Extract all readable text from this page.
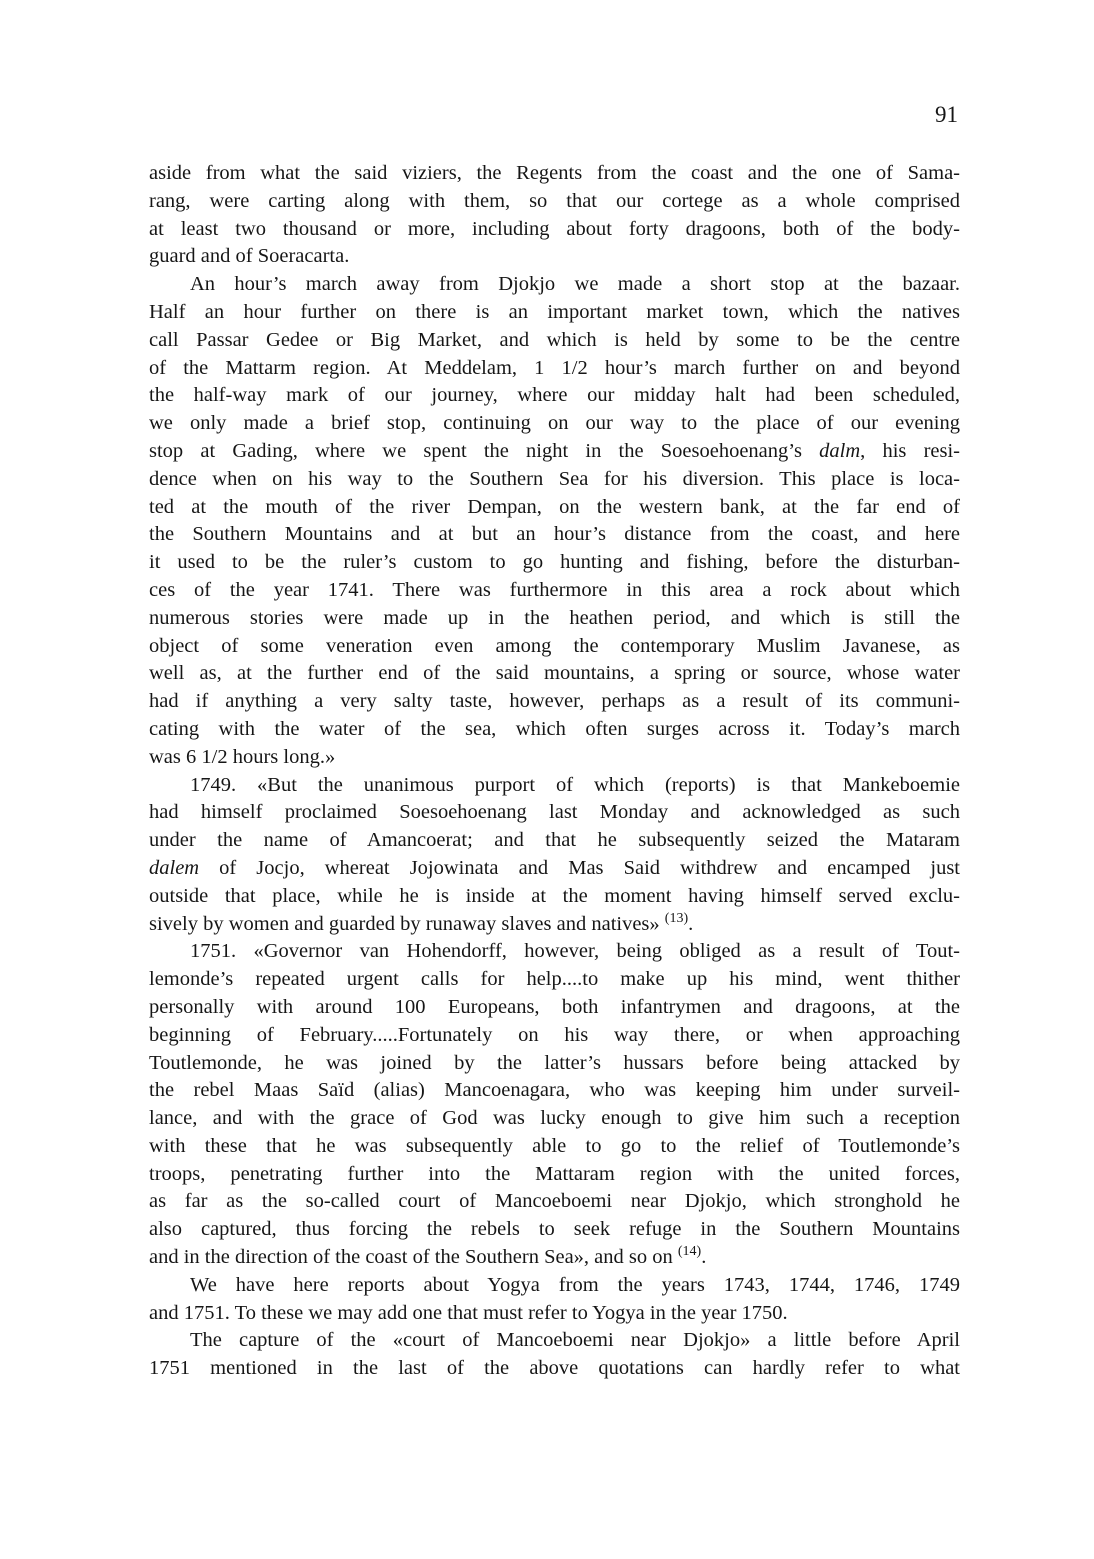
91
aside from what the said viziers, the Regents from the coast and the one of Sama-
rang, were carting along with them, so that our cortege as a whole comprised
at least two thousand or more, including about forty dragoons, both of the body-
guard and of Soeracarta.
An hour’s march away from Djokjo we made a short stop at the bazaar.
Half an hour further on there is an important market town, which the natives
call Passar Gedee or Big Market, and which is held by some to be the centre
of the Mattarm region. At Meddelam, 1 1/2 hour’s march further on and beyond
the half-way mark of our journey, where our midday halt had been scheduled,
we only made a brief stop, continuing on our way to the place of our evening
stop at Gading, where we spent the night in the Soesoehoenang’s dalm, his resi-
dence when on his way to the Southern Sea for his diversion. This place is loca-
ted at the mouth of the river Dempan, on the western bank, at the far end of
the Southern Mountains and at but an hour’s distance from the coast, and here
it used to be the ruler’s custom to go hunting and fishing, before the disturban-
ces of the year 1741. There was furthermore in this area a rock about which
numerous stories were made up in the heathen period, and which is still the
object of some veneration even among the contemporary Muslim Javanese, as
well as, at the further end of the said mountains, a spring or source, whose water
had if anything a very salty taste, however, perhaps as a result of its communi-
cating with the water of the sea, which often surges across it. Today’s march
was 6 1/2 hours long.»
1749. «But the unanimous purport of which (reports) is that Mankeboemie
had himself proclaimed Soesoehoenang last Monday and acknowledged as such
under the name of Amancoerat; and that he subsequently seized the Mataram
dalem of Jocjo, whereat Jojowinata and Mas Said withdrew and encamped just
outside that place, while he is inside at the moment having himself served exclu-
sively by women and guarded by runaway slaves and natives» $^{(13)}$.
1751. «Governor van Hohendorff, however, being obliged as a result of Tout-
lemonde’s repeated urgent calls for help....to make up his mind, went thither
personally with around 100 Europeans, both infantrymen and dragoons, at the
beginning of February.....Fortunately on his way there, or when approaching
Toutlemonde, he was joined by the latter’s hussars before being attacked by
the rebel Maas Saïd (alias) Mancoenagara, who was keeping him under surveil-
lance, and with the grace of God was lucky enough to give him such a reception
with these that he was subsequently able to go to the relief of Toutlemonde’s
troops, penetrating further into the Mattaram region with the united forces,
as far as the so-called court of Mancoeboemi near Djokjo, which stronghold he
also captured, thus forcing the rebels to seek refuge in the Southern Mountains
and in the direction of the coast of the Southern Sea», and so on $^{(14)}$.
We have here reports about Yogya from the years 1743, 1744, 1746, 1749
and 1751. To these we may add one that must refer to Yogya in the year 1750.
The capture of the «court of Mancoeboemi near Djokjo» a little before April
1751 mentioned in the last of the above quotations can hardly refer to what
